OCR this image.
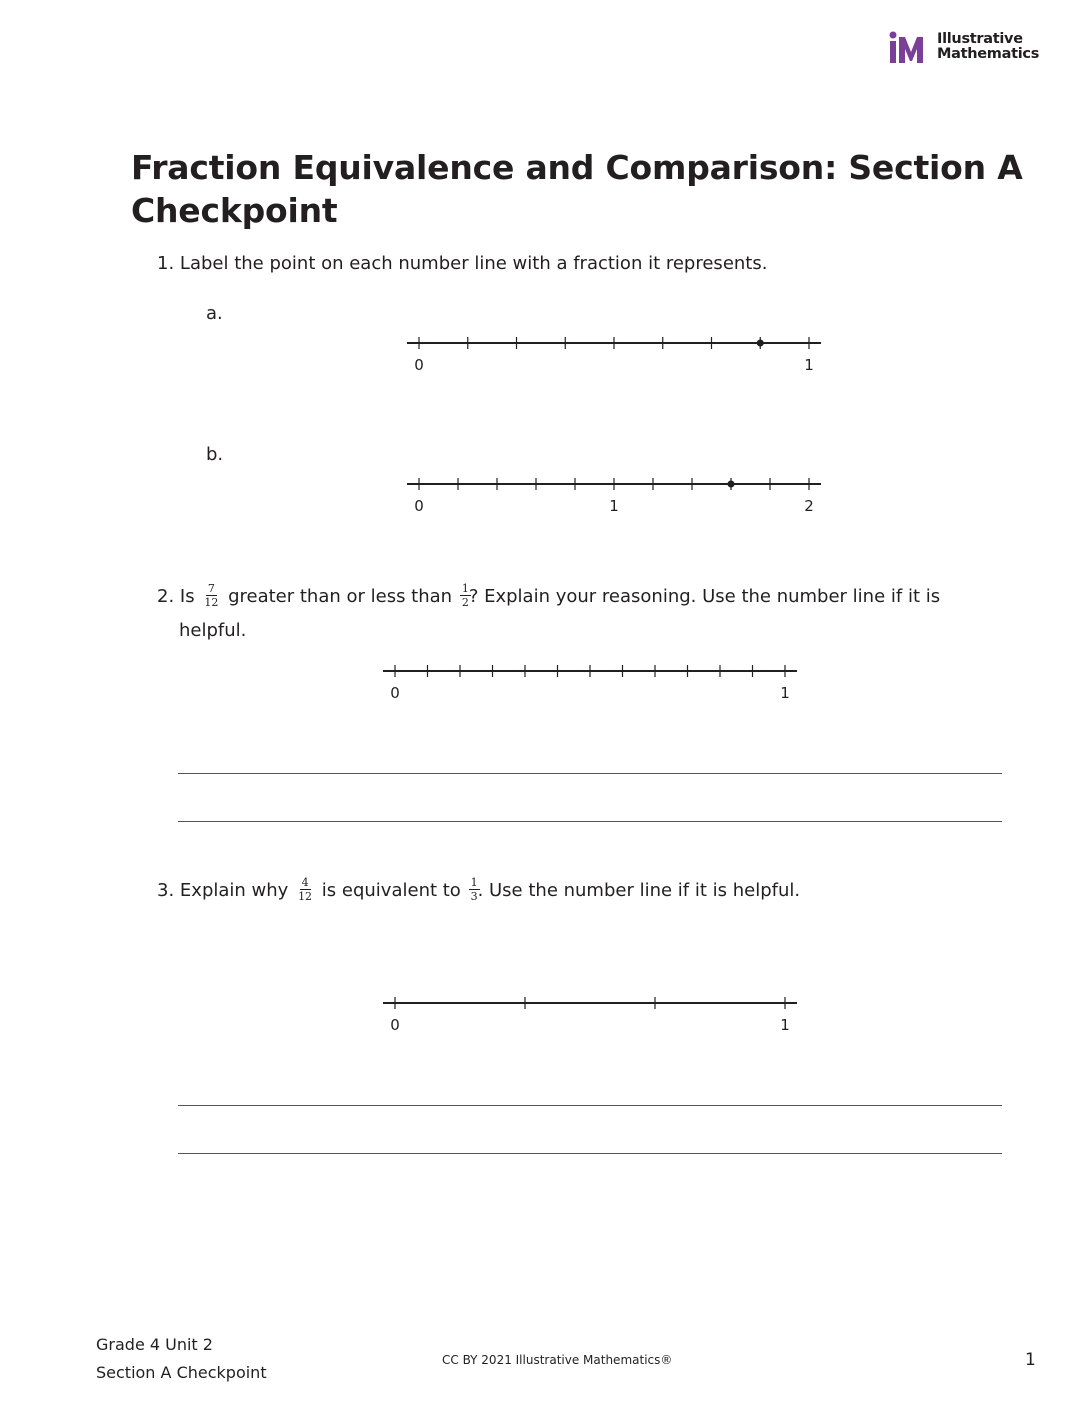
Illustrative
Mathematics
Fraction Equivalence and Comparison: Section A Checkpoint
1. Label the point on each number line with a fraction it represents.
a.
0	1
b.
0	1	2
2. Is $\frac{7}{12}$ greater than or less than $\frac{1}{2}$
? Explain your reasoning. Use the number line if it is
helpful.
0	1
3. Explain why $\frac{4}{12}$ is equivalent to $\frac{1}{3}$
. Use the number line if it is helpful.
0	1
Grade 4 Unit 2
Section A Checkpoint
CC BY 2021 Illustrative Mathematics®	1
